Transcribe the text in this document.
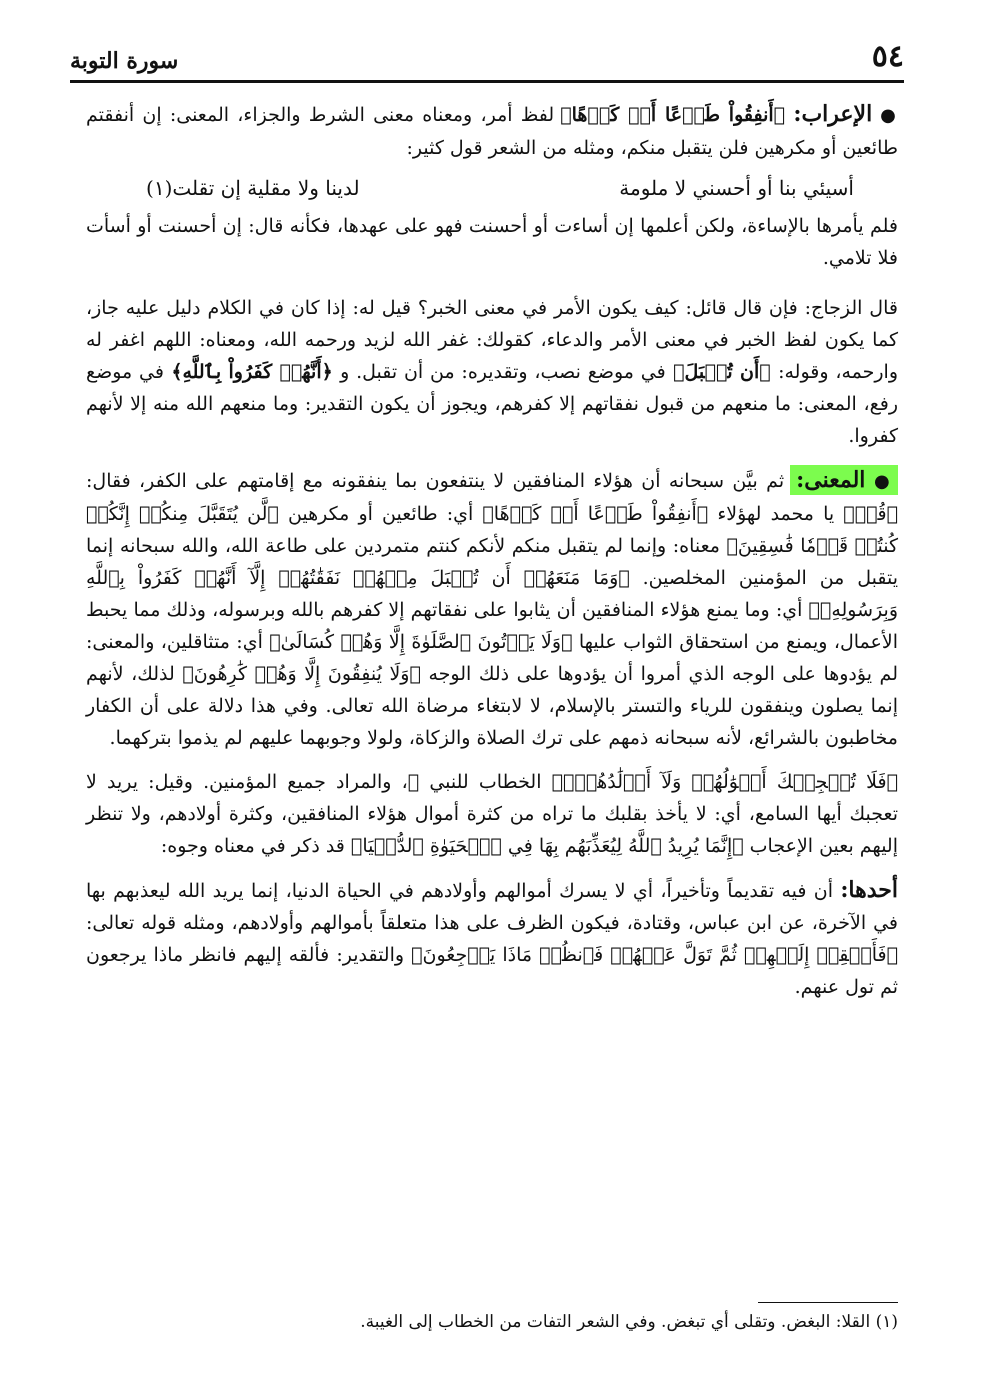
٥٤
سورة التوبة

● الإعراب: ﴿أَنفِقُواْ طَوۡعًا أَوۡ كَرۡهًا﴾ لفظ أمر، ومعناه معنى الشرط والجزاء، المعنى: إن أنفقتم طائعين أو مكرهين فلن يتقبل منكم، ومثله من الشعر قول كثير:

أسيئي بنا أو أحسني لا ملومة
لدينا ولا مقلية إن تقلت(١)

فلم يأمرها بالإساءة، ولكن أعلمها إن أساءت أو أحسنت فهو على عهدها، فكأنه قال: إن أحسنت أو أسأت فلا تلامي.

قال الزجاج: فإن قال قائل: كيف يكون الأمر في معنى الخبر؟ قيل له: إذا كان في الكلام دليل عليه جاز، كما يكون لفظ الخبر في معنى الأمر والدعاء، كقولك: غفر الله لزيد ورحمه الله، ومعناه: اللهم اغفر له وارحمه، وقوله: ﴿أَن تُقۡبَلَ﴾ في موضع نصب، وتقديره: من أن تقبل. و ﴿أَنَّهُمۡ كَفَرُواْ بِٱللَّهِ﴾ في موضع رفع، المعنى: ما منعهم من قبول نفقاتهم إلا كفرهم، ويجوز أن يكون التقدير: وما منعهم الله منه إلا لأنهم كفروا.

● المعنى: ثم بيَّن سبحانه أن هؤلاء المنافقين لا ينتفعون بما ينفقونه مع إقامتهم على الكفر، فقال: ﴿قُلۡ﴾ يا محمد لهؤلاء ﴿أَنفِقُواْ طَوۡعًا أَوۡ كَرۡهًا﴾ أي: طائعين أو مكرهين ﴿لَّن يُتَقَبَّلَ مِنكُمۡ إِنَّكُمۡ كُنتُمۡ قَوۡمٗا فَٰسِقِينَ﴾ معناه: وإنما لم يتقبل منكم لأنكم كنتم متمردين على طاعة الله، والله سبحانه إنما يتقبل من المؤمنين المخلصين. ﴿وَمَا مَنَعَهُمۡ أَن تُقۡبَلَ مِنۡهُمۡ نَفَقَٰتُهُمۡ إِلَّآ أَنَّهُمۡ كَفَرُواْ بِٱللَّهِ وَبِرَسُولِهِۦ﴾ أي: وما يمنع هؤلاء المنافقين أن يثابوا على نفقاتهم إلا كفرهم بالله وبرسوله، وذلك مما يحبط الأعمال، ويمنع من استحقاق الثواب عليها ﴿وَلَا يَأۡتُونَ ٱلصَّلَوٰةَ إِلَّا وَهُمۡ كُسَالَىٰ﴾ أي: متثاقلين، والمعنى: لم يؤدوها على الوجه الذي أمروا أن يؤدوها على ذلك الوجه ﴿وَلَا يُنفِقُونَ إِلَّا وَهُمۡ كَٰرِهُونَ﴾ لذلك، لأنهم إنما يصلون وينفقون للرياء والتستر بالإسلام، لا لابتغاء مرضاة الله تعالى. وفي هذا دلالة على أن الكفار مخاطبون بالشرائع، لأنه سبحانه ذمهم على ترك الصلاة والزكاة، ولولا وجوبهما عليهم لم يذموا بتركهما.

﴿فَلَا تُعۡجِبۡكَ أَمۡوَٰلُهُمۡ وَلَآ أَوۡلَٰدُهُمۡۚ﴾ الخطاب للنبي ﷺ، والمراد جميع المؤمنين. وقيل: يريد لا تعجبك أيها السامع، أي: لا يأخذ بقلبك ما تراه من كثرة أموال هؤلاء المنافقين، وكثرة أولادهم، ولا تنظر إليهم بعين الإعجاب ﴿إِنَّمَا يُرِيدُ ٱللَّهُ لِيُعَذِّبَهُم بِهَا فِي ٱلۡحَيَوٰةِ ٱلدُّنۡيَا﴾ قد ذكر في معناه وجوه:

أحدها: أن فيه تقديماً وتأخيراً، أي لا يسرك أموالهم وأولادهم في الحياة الدنيا، إنما يريد الله ليعذبهم بها في الآخرة، عن ابن عباس، وقتادة، فيكون الظرف على هذا متعلقاً بأموالهم وأولادهم، ومثله قوله تعالى: ﴿فَأَلۡقِهۡ إِلَيۡهِمۡ ثُمَّ تَوَلَّ عَنۡهُمۡ فَٱنظُرۡ مَاذَا يَرۡجِعُونَ﴾ والتقدير: فألقه إليهم فانظر ماذا يرجعون ثم تول عنهم.

(١) القلا: البغض. وتقلى أي تبغض. وفي الشعر التفات من الخطاب إلى الغيبة.
